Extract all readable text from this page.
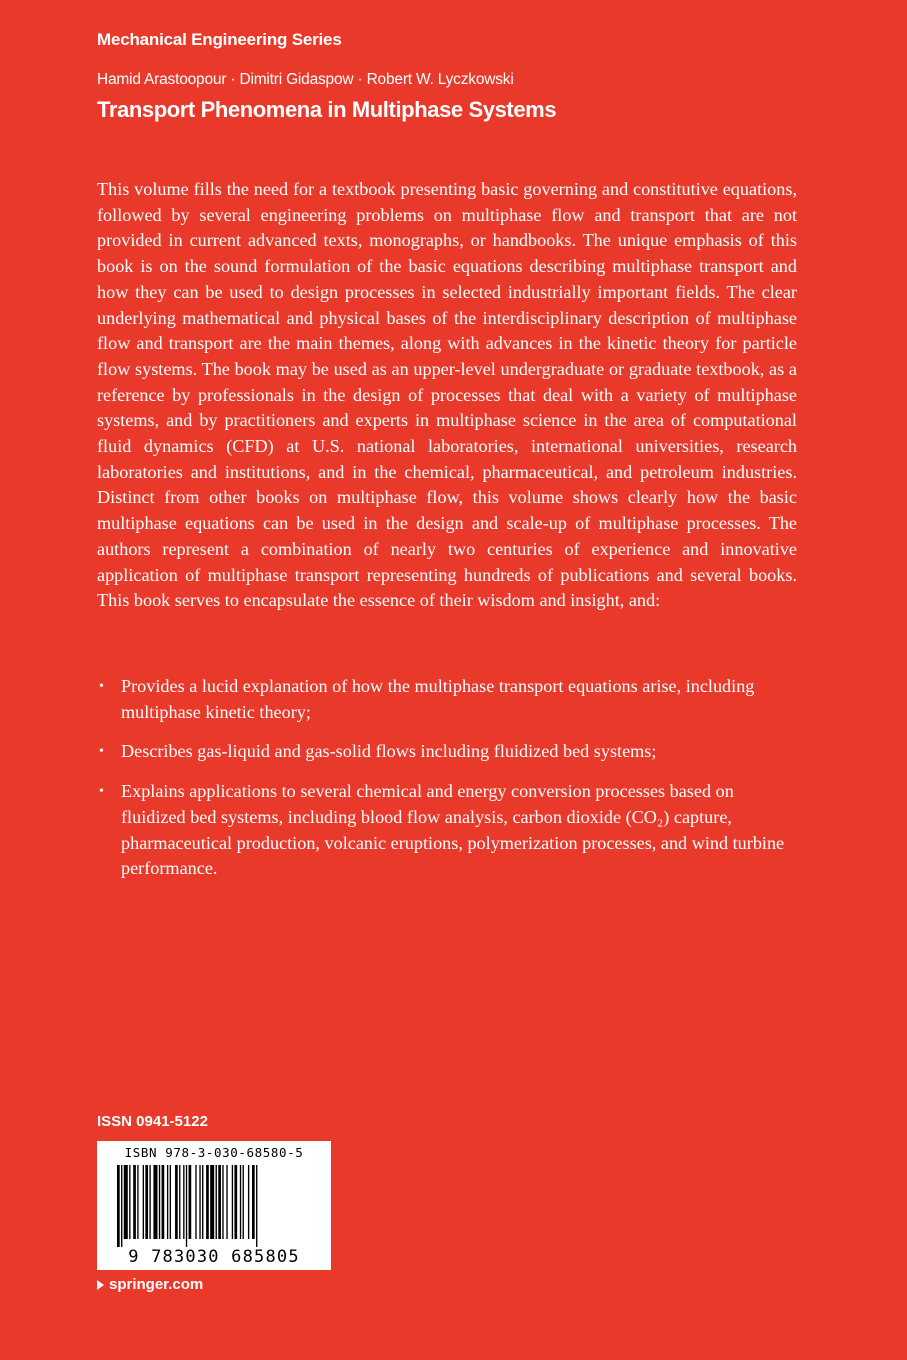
Mechanical Engineering Series
Hamid Arastoopour · Dimitri Gidaspow · Robert W. Lyczkowski
Transport Phenomena in Multiphase Systems

This volume fills the need for a textbook presenting basic governing and constitutive equations, followed by several engineering problems on multiphase flow and transport that are not provided in current advanced texts, monographs, or handbooks. The unique emphasis of this book is on the sound formulation of the basic equations describing multiphase transport and how they can be used to design processes in selected industrially important fields. The clear underlying mathematical and physical bases of the interdisciplinary description of multiphase flow and transport are the main themes, along with advances in the kinetic theory for particle flow systems. The book may be used as an upper-level undergraduate or graduate textbook, as a reference by professionals in the design of processes that deal with a variety of multiphase systems, and by practitioners and experts in multiphase science in the area of computational fluid dynamics (CFD) at U.S. national laboratories, international universities, research laboratories and institutions, and in the chemical, pharmaceutical, and petroleum industries. Distinct from other books on multiphase flow, this volume shows clearly how the basic multiphase equations can be used in the design and scale-up of multiphase processes. The authors represent a combination of nearly two centuries of experience and innovative application of multiphase transport representing hundreds of publications and several books. This book serves to encapsulate the essence of their wisdom and insight, and:

• Provides a lucid explanation of how the multiphase transport equations arise, including multiphase kinetic theory;
• Describes gas-liquid and gas-solid flows including fluidized bed systems;
• Explains applications to several chemical and energy conversion processes based on fluidized bed systems, including blood flow analysis, carbon dioxide (CO₂) capture, pharmaceutical production, volcanic eruptions, polymerization processes, and wind turbine performance.
ISSN 0941-5122
ISBN 978-3-030-68580-5
9 783030 685805
springer.com
